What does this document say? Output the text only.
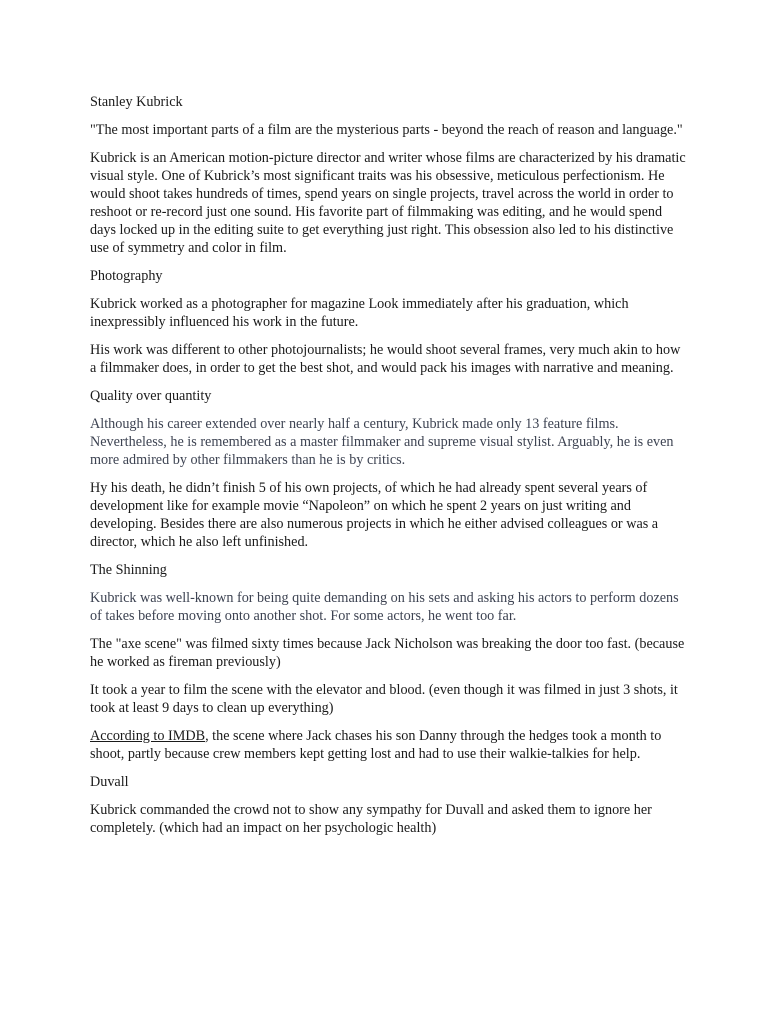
Stanley Kubrick

"The most important parts of a film are the mysterious parts - beyond the reach of reason and language."

Kubrick is an American motion-picture director and writer whose films are characterized by his dramatic visual style. One of Kubrick’s most significant traits was his obsessive, meticulous perfectionism. He would shoot takes hundreds of times, spend years on single projects, travel across the world in order to reshoot or re-record just one sound. His favorite part of filmmaking was editing, and he would spend days locked up in the editing suite to get everything just right. This obsession also led to his distinctive use of symmetry and color in film.

Photography

Kubrick worked as a photographer for magazine Look immediately after his graduation, which inexpressibly influenced his work in the future.

His work was different to other photojournalists; he would shoot several frames, very much akin to how a filmmaker does, in order to get the best shot, and would pack his images with narrative and meaning.

Quality over quantity

Although his career extended over nearly half a century, Kubrick made only 13 feature films. Nevertheless, he is remembered as a master filmmaker and supreme visual stylist. Arguably, he is even more admired by other filmmakers than he is by critics.

Hy his death, he didn’t finish 5 of his own projects, of which he had already spent several years of development like for example movie “Napoleon” on which he spent 2 years on just writing and developing. Besides there are also numerous projects in which he either advised colleagues or was a director, which he also left unfinished.

The Shinning

Kubrick was well-known for being quite demanding on his sets and asking his actors to perform dozens of takes before moving onto another shot. For some actors, he went too far.

The "axe scene" was filmed sixty times because Jack Nicholson was breaking the door too fast. (because he worked as fireman previously)

It took a year to film the scene with the elevator and blood. (even though it was filmed in just 3 shots, it took at least 9 days to clean up everything)

According to IMDB, the scene where Jack chases his son Danny through the hedges took a month to shoot, partly because crew members kept getting lost and had to use their walkie-talkies for help.

Duvall

Kubrick commanded the crowd not to show any sympathy for Duvall and asked them to ignore her completely. (which had an impact on her psychologic health)
